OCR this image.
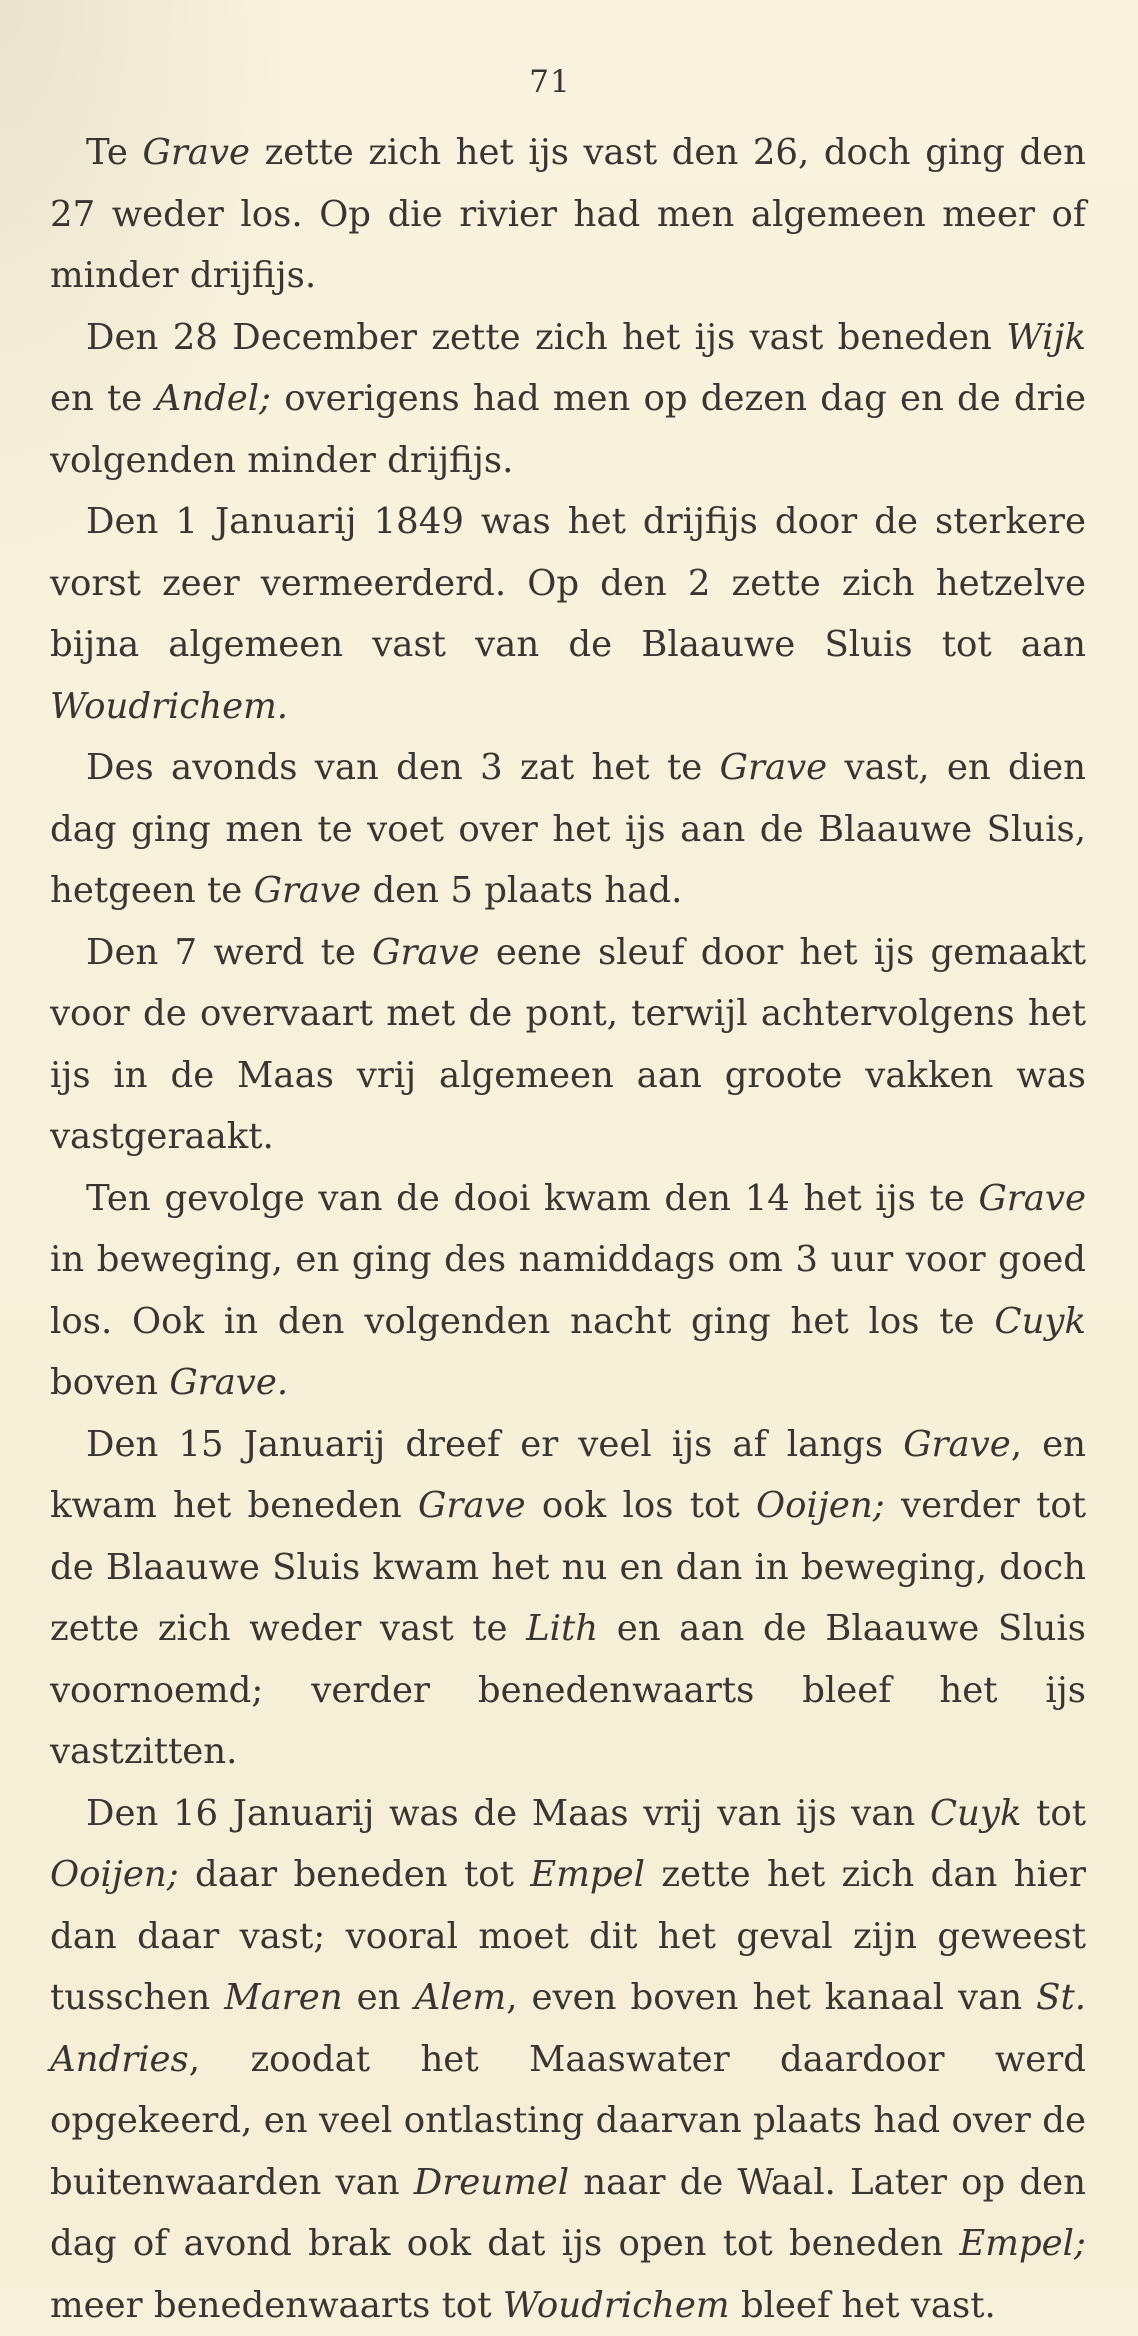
71

Te Grave zette zich het ijs vast den 26, doch ging den 27 weder los. Op die rivier had men algemeen meer of minder drijfijs.

Den 28 December zette zich het ijs vast beneden Wijk en te Andel; overigens had men op dezen dag en de drie volgenden minder drijfijs.

Den 1 Januarij 1849 was het drijfijs door de sterkere vorst zeer vermeerderd. Op den 2 zette zich hetzelve bijna algemeen vast van de Blaauwe Sluis tot aan Woudrichem.

Des avonds van den 3 zat het te Grave vast, en dien dag ging men te voet over het ijs aan de Blaauwe Sluis, hetgeen te Grave den 5 plaats had.

Den 7 werd te Grave eene sleuf door het ijs gemaakt voor de overvaart met de pont, terwijl achtervolgens het ijs in de Maas vrij algemeen aan groote vakken was vastgeraakt.

Ten gevolge van de dooi kwam den 14 het ijs te Grave in beweging, en ging des namiddags om 3 uur voor goed los. Ook in den volgenden nacht ging het los te Cuyk boven Grave.

Den 15 Januarij dreef er veel ijs af langs Grave, en kwam het beneden Grave ook los tot Ooijen; verder tot de Blaauwe Sluis kwam het nu en dan in beweging, doch zette zich weder vast te Lith en aan de Blaauwe Sluis voornoemd; verder benedenwaarts bleef het ijs vastzitten.

Den 16 Januarij was de Maas vrij van ijs van Cuyk tot Ooijen; daar beneden tot Empel zette het zich dan hier dan daar vast; vooral moet dit het geval zijn geweest tusschen Maren en Alem, even boven het kanaal van St. Andries, zoodat het Maaswater daardoor werd opgekeerd, en veel ontlasting daarvan plaats had over de buitenwaarden van Dreumel naar de Waal. Later op den dag of avond brak ook dat ijs open tot beneden Empel; meer benedenwaarts tot Woudrichem bleef het vast.
